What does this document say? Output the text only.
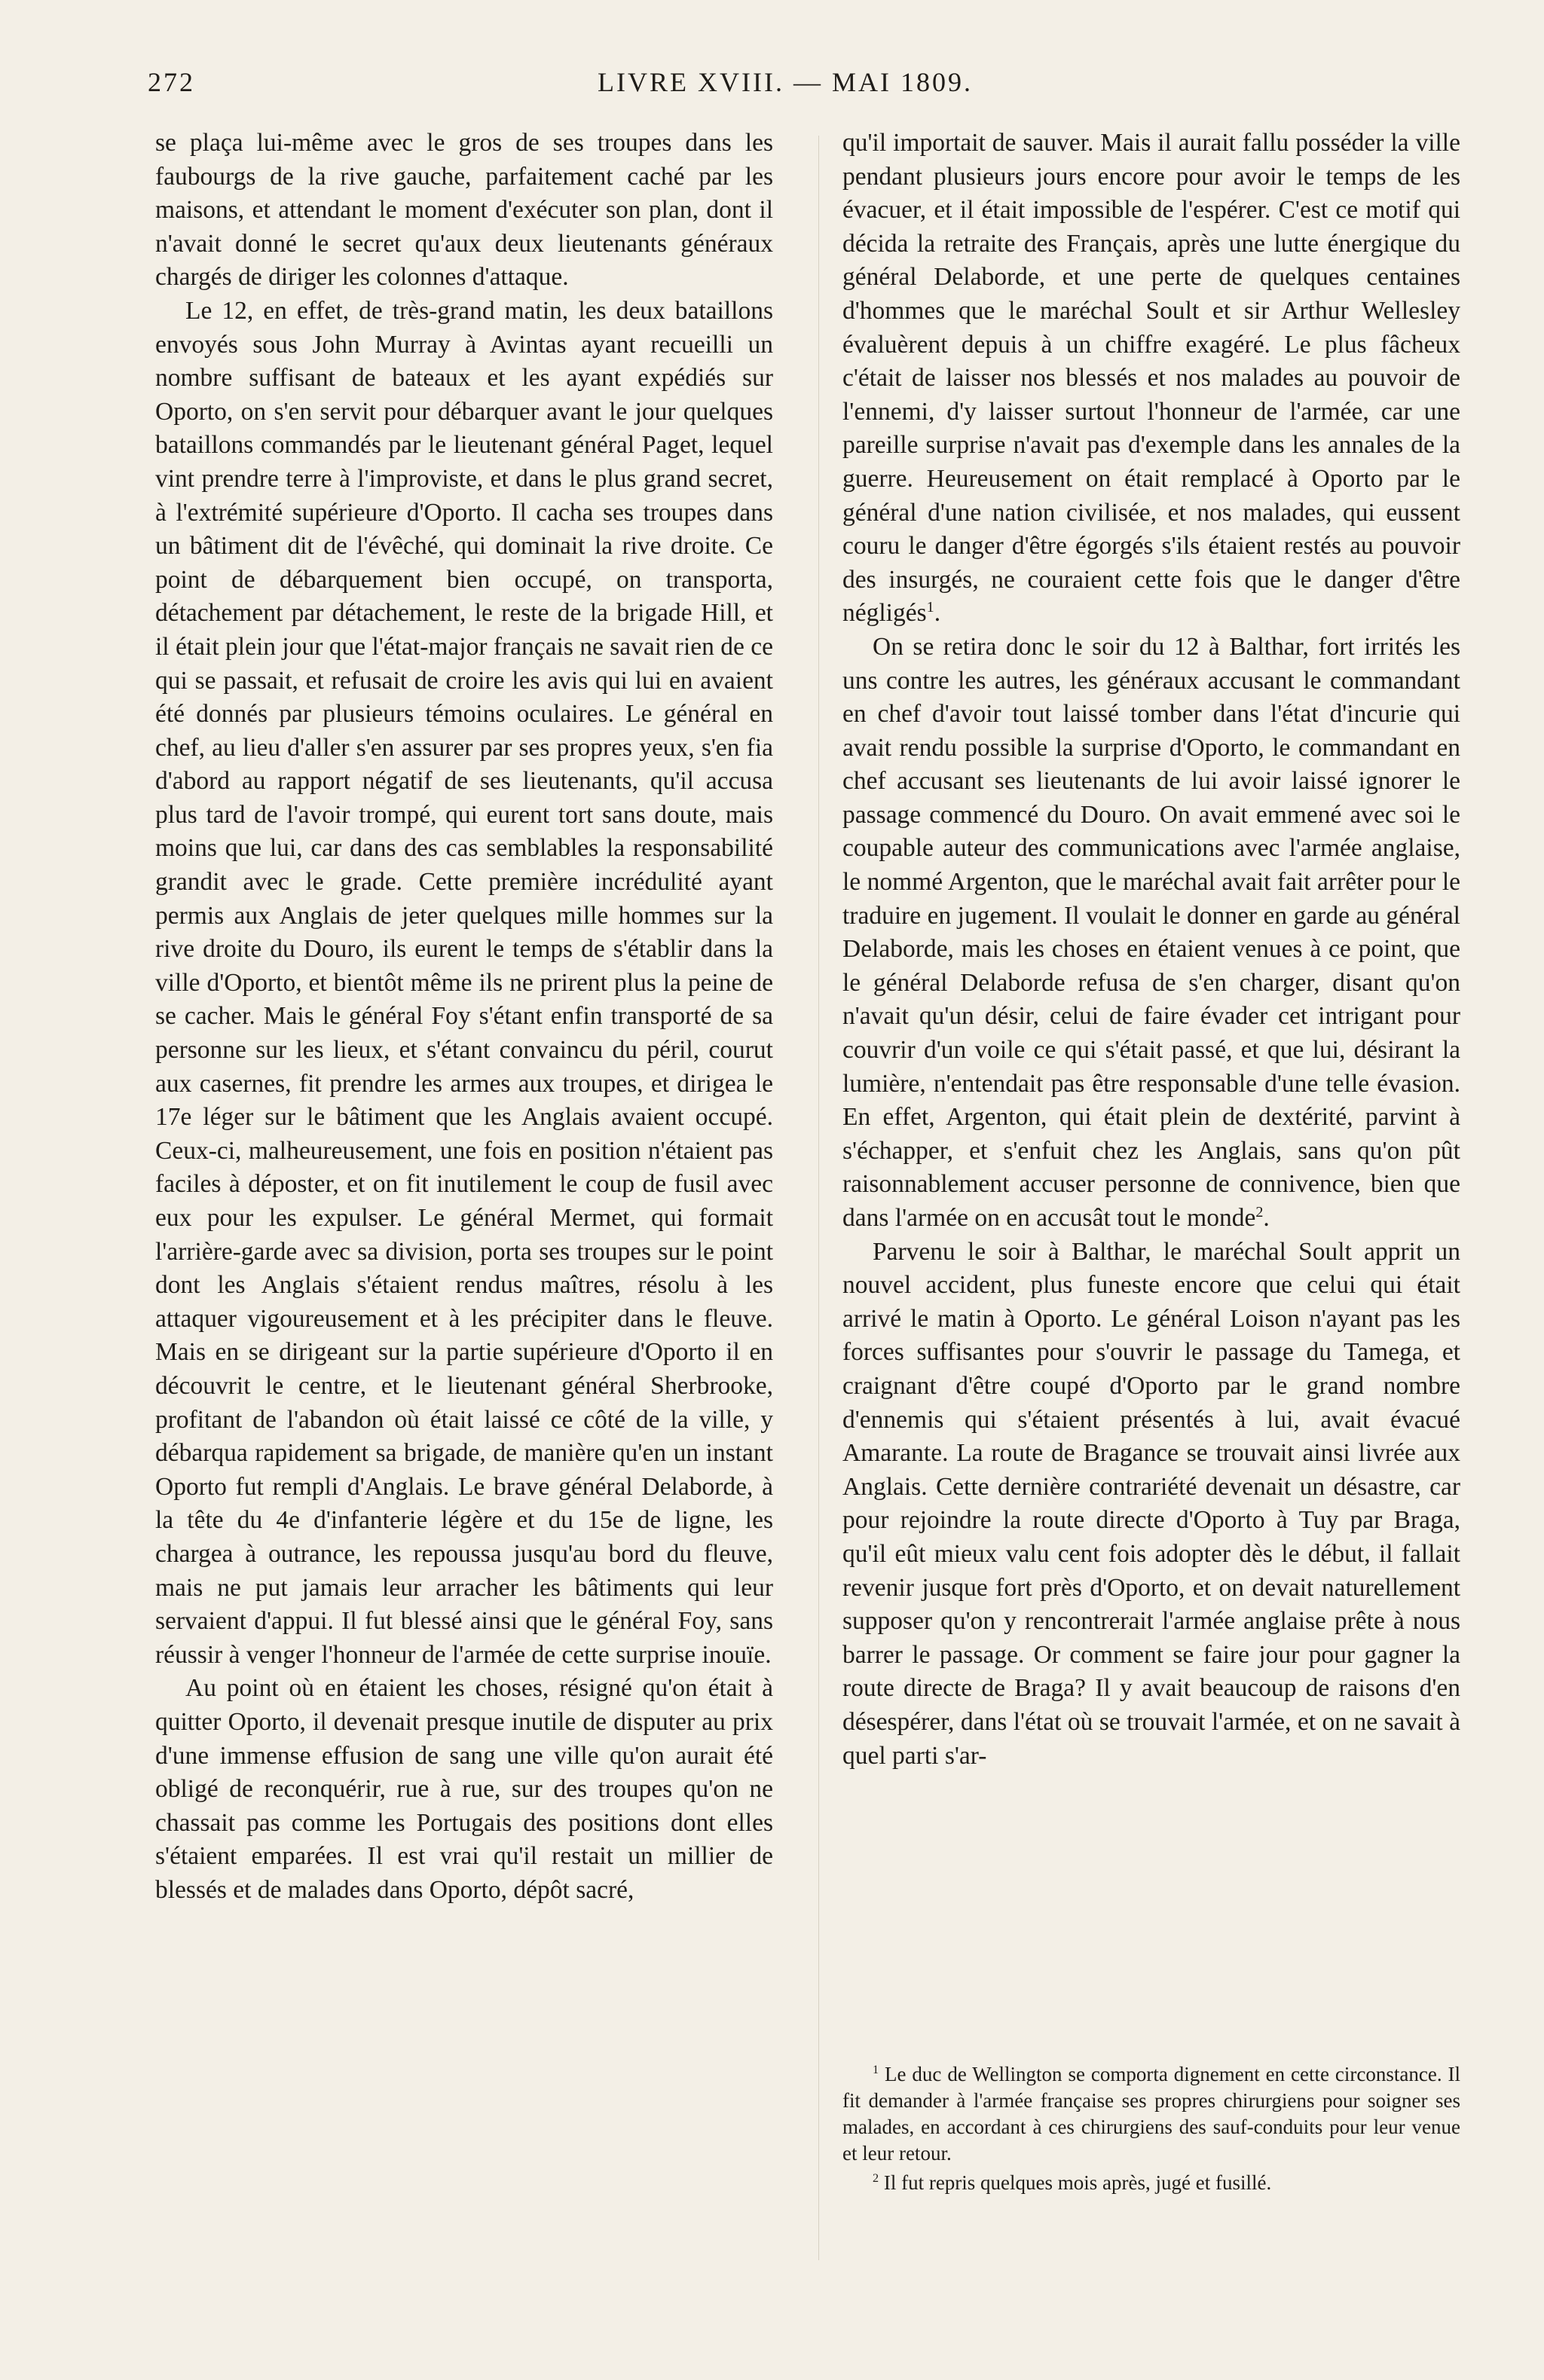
272	LIVRE XVIII. — MAI 1809.

se plaça lui-même avec le gros de ses troupes dans les faubourgs de la rive gauche, parfaitement caché par les maisons, et attendant le moment d'exécuter son plan, dont il n'avait donné le secret qu'aux deux lieutenants généraux chargés de diriger les colonnes d'attaque.

Le 12, en effet, de très-grand matin, les deux bataillons envoyés sous John Murray à Avintas ayant recueilli un nombre suffisant de bateaux et les ayant expédiés sur Oporto, on s'en servit pour débarquer avant le jour quelques bataillons commandés par le lieutenant général Paget, lequel vint prendre terre à l'improviste, et dans le plus grand secret, à l'extrémité supérieure d'Oporto. Il cacha ses troupes dans un bâtiment dit de l'évêché, qui dominait la rive droite. Ce point de débarquement bien occupé, on transporta, détachement par détachement, le reste de la brigade Hill, et il était plein jour que l'état-major français ne savait rien de ce qui se passait, et refusait de croire les avis qui lui en avaient été donnés par plusieurs témoins oculaires. Le général en chef, au lieu d'aller s'en assurer par ses propres yeux, s'en fia d'abord au rapport négatif de ses lieutenants, qu'il accusa plus tard de l'avoir trompé, qui eurent tort sans doute, mais moins que lui, car dans des cas semblables la responsabilité grandit avec le grade. Cette première incrédulité ayant permis aux Anglais de jeter quelques mille hommes sur la rive droite du Douro, ils eurent le temps de s'établir dans la ville d'Oporto, et bientôt même ils ne prirent plus la peine de se cacher. Mais le général Foy s'étant enfin transporté de sa personne sur les lieux, et s'étant convaincu du péril, courut aux casernes, fit prendre les armes aux troupes, et dirigea le 17e léger sur le bâtiment que les Anglais avaient occupé. Ceux-ci, malheureusement, une fois en position n'étaient pas faciles à déposter, et on fit inutilement le coup de fusil avec eux pour les expulser. Le général Mermet, qui formait l'arrière-garde avec sa division, porta ses troupes sur le point dont les Anglais s'étaient rendus maîtres, résolu à les attaquer vigoureusement et à les précipiter dans le fleuve. Mais en se dirigeant sur la partie supérieure d'Oporto il en découvrit le centre, et le lieutenant général Sherbrooke, profitant de l'abandon où était laissé ce côté de la ville, y débarqua rapidement sa brigade, de manière qu'en un instant Oporto fut rempli d'Anglais. Le brave général Delaborde, à la tête du 4e d'infanterie légère et du 15e de ligne, les chargea à outrance, les repoussa jusqu'au bord du fleuve, mais ne put jamais leur arracher les bâtiments qui leur servaient d'appui. Il fut blessé ainsi que le général Foy, sans réussir à venger l'honneur de l'armée de cette surprise inouïe.

Au point où en étaient les choses, résigné qu'on était à quitter Oporto, il devenait presque inutile de disputer au prix d'une immense effusion de sang une ville qu'on aurait été obligé de reconquérir, rue à rue, sur des troupes qu'on ne chassait pas comme les Portugais des positions dont elles s'étaient emparées. Il est vrai qu'il restait un millier de blessés et de malades dans Oporto, dépôt sacré,

qu'il importait de sauver. Mais il aurait fallu posséder la ville pendant plusieurs jours encore pour avoir le temps de les évacuer, et il était impossible de l'espérer. C'est ce motif qui décida la retraite des Français, après une lutte énergique du général Delaborde, et une perte de quelques centaines d'hommes que le maréchal Soult et sir Arthur Wellesley évaluèrent depuis à un chiffre exagéré. Le plus fâcheux c'était de laisser nos blessés et nos malades au pouvoir de l'ennemi, d'y laisser surtout l'honneur de l'armée, car une pareille surprise n'avait pas d'exemple dans les annales de la guerre. Heureusement on était remplacé à Oporto par le général d'une nation civilisée, et nos malades, qui eussent couru le danger d'être égorgés s'ils étaient restés au pouvoir des insurgés, ne couraient cette fois que le danger d'être négligés$^1$.

On se retira donc le soir du 12 à Balthar, fort irrités les uns contre les autres, les généraux accusant le commandant en chef d'avoir tout laissé tomber dans l'état d'incurie qui avait rendu possible la surprise d'Oporto, le commandant en chef accusant ses lieutenants de lui avoir laissé ignorer le passage commencé du Douro. On avait emmené avec soi le coupable auteur des communications avec l'armée anglaise, le nommé Argenton, que le maréchal avait fait arrêter pour le traduire en jugement. Il voulait le donner en garde au général Delaborde, mais les choses en étaient venues à ce point, que le général Delaborde refusa de s'en charger, disant qu'on n'avait qu'un désir, celui de faire évader cet intrigant pour couvrir d'un voile ce qui s'était passé, et que lui, désirant la lumière, n'entendait pas être responsable d'une telle évasion. En effet, Argenton, qui était plein de dextérité, parvint à s'échapper, et s'enfuit chez les Anglais, sans qu'on pût raisonnablement accuser personne de connivence, bien que dans l'armée on en accusât tout le monde$^2$.

Parvenu le soir à Balthar, le maréchal Soult apprit un nouvel accident, plus funeste encore que celui qui était arrivé le matin à Oporto. Le général Loison n'ayant pas les forces suffisantes pour s'ouvrir le passage du Tamega, et craignant d'être coupé d'Oporto par le grand nombre d'ennemis qui s'étaient présentés à lui, avait évacué Amarante. La route de Bragance se trouvait ainsi livrée aux Anglais. Cette dernière contrariété devenait un désastre, car pour rejoindre la route directe d'Oporto à Tuy par Braga, qu'il eût mieux valu cent fois adopter dès le début, il fallait revenir jusque fort près d'Oporto, et on devait naturellement supposer qu'on y rencontrerait l'armée anglaise prête à nous barrer le passage. Or comment se faire jour pour gagner la route directe de Braga? Il y avait beaucoup de raisons d'en désespérer, dans l'état où se trouvait l'armée, et on ne savait à quel parti s'ar-

$^1$ Le duc de Wellington se comporta dignement en cette circonstance. Il fit demander à l'armée française ses propres chirurgiens pour soigner ses malades, en accordant à ces chirurgiens des sauf-conduits pour leur venue et leur retour.

$^2$ Il fut repris quelques mois après, jugé et fusillé.
